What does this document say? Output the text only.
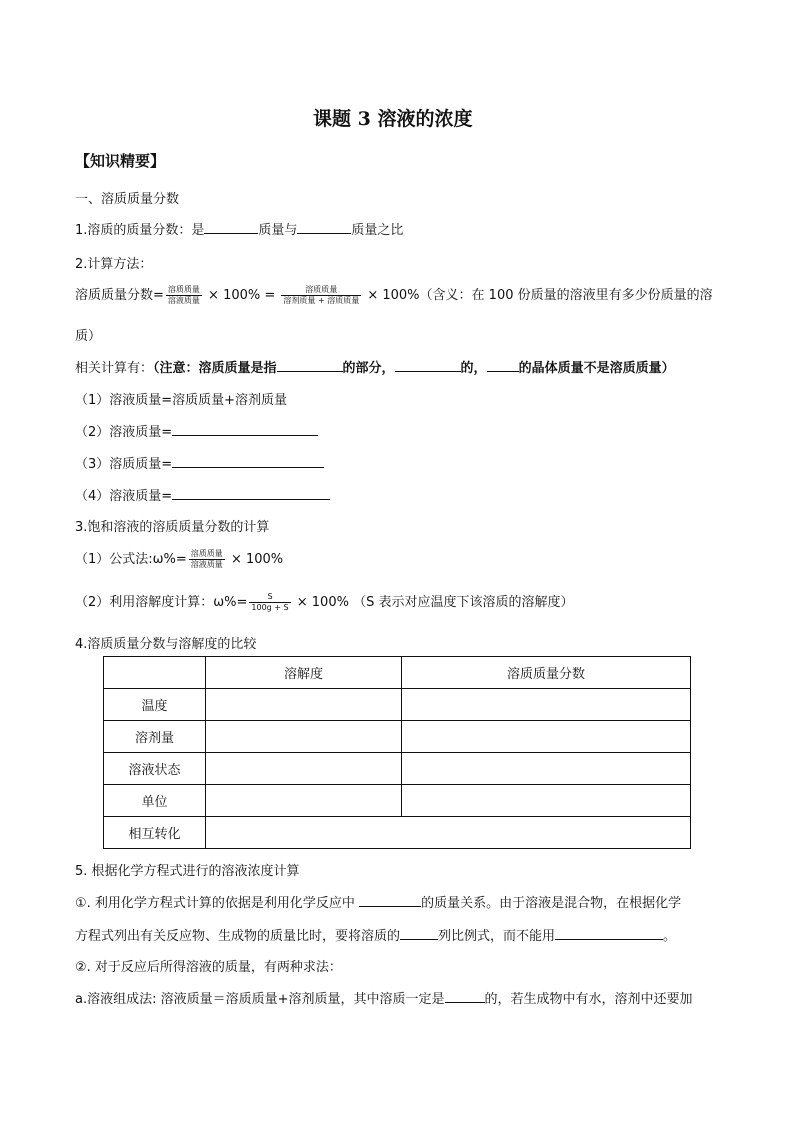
课题 3 溶液的浓度
【知识精要】
一、溶质质量分数
1.溶质的质量分数：是	质量与	质量之比
2.计算方法：
溶质质量分数= $\frac{\text{溶质质量}}{\text{溶液质量}} \times 100\% = \frac{\text{溶质质量}}{\text{溶剂质量 + 溶质质量}} \times 100\%$（含义：在 100 份质量的溶液里有多少份质量的溶
质）
相关计算有：（注意：溶质质量是指	的部分，	的， 的晶体质量不是溶质质量）
（1）溶液质量=溶质质量+溶剂质量
（2）溶液质量=
（3）溶质质量=
（4）溶液质量=
3.饱和溶液的溶质质量分数的计算
（1）公式法:ω%= $\frac{\text{溶质质量}}{\text{溶液质量}} \times 100\%$
（2）利用溶解度计算：$\omega\%= \frac{S}{100g + S} \times 100\%$ （S 表示对应温度下该溶质的溶解度）
4.溶质质量分数与溶解度的比较
	溶解度	溶质质量分数
温度		
溶剂量		
溶液状态		
单位		
相互转化		
5. 根据化学方程式进行的溶液浓度计算
①. 利用化学方程式计算的依据是利用化学反应中	的质量关系。由于溶液是混合物，在根据化学
方程式列出有关反应物、生成物的质量比时，要将溶质的	列比例式，而不能用	。
②. 对于反应后所得溶液的质量，有两种求法：
a.溶液组成法: 溶液质量＝溶质质量+溶剂质量，其中溶质一定是	的，若生成物中有水，溶剂中还要加
